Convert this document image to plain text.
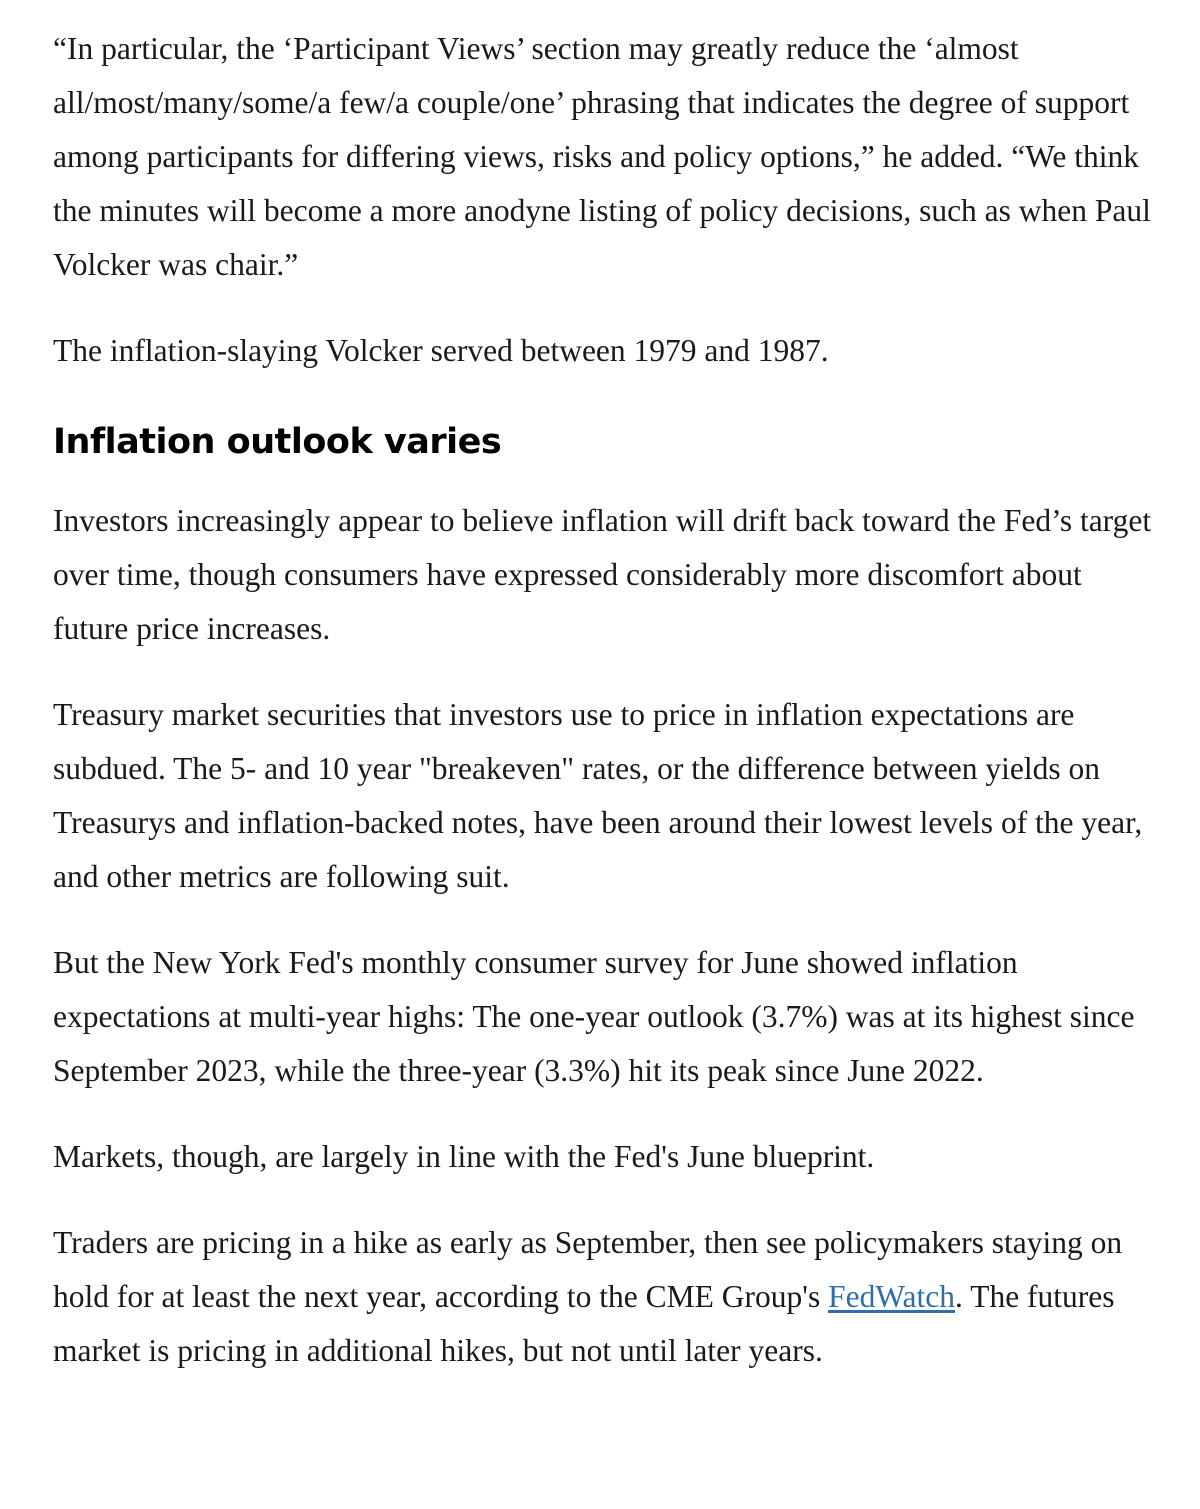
“In particular, the ‘Participant Views’ section may greatly reduce the ‘almost all/most/many/some/a few/a couple/one’ phrasing that indicates the degree of support among participants for differing views, risks and policy options,” he added. “We think the minutes will become a more anodyne listing of policy decisions, such as when Paul Volcker was chair.”

The inflation-slaying Volcker served between 1979 and 1987.

Inflation outlook varies

Investors increasingly appear to believe inflation will drift back toward the Fed’s target over time, though consumers have expressed considerably more discomfort about future price increases.

Treasury market securities that investors use to price in inflation expectations are subdued. The 5- and 10 year "breakeven" rates, or the difference between yields on Treasurys and inflation-backed notes, have been around their lowest levels of the year, and other metrics are following suit.

But the New York Fed's monthly consumer survey for June showed inflation expectations at multi-year highs: The one-year outlook (3.7%) was at its highest since September 2023, while the three-year (3.3%) hit its peak since June 2022.

Markets, though, are largely in line with the Fed's June blueprint.

Traders are pricing in a hike as early as September, then see policymakers staying on hold for at least the next year, according to the CME Group's FedWatch. The futures market is pricing in additional hikes, but not until later years.
